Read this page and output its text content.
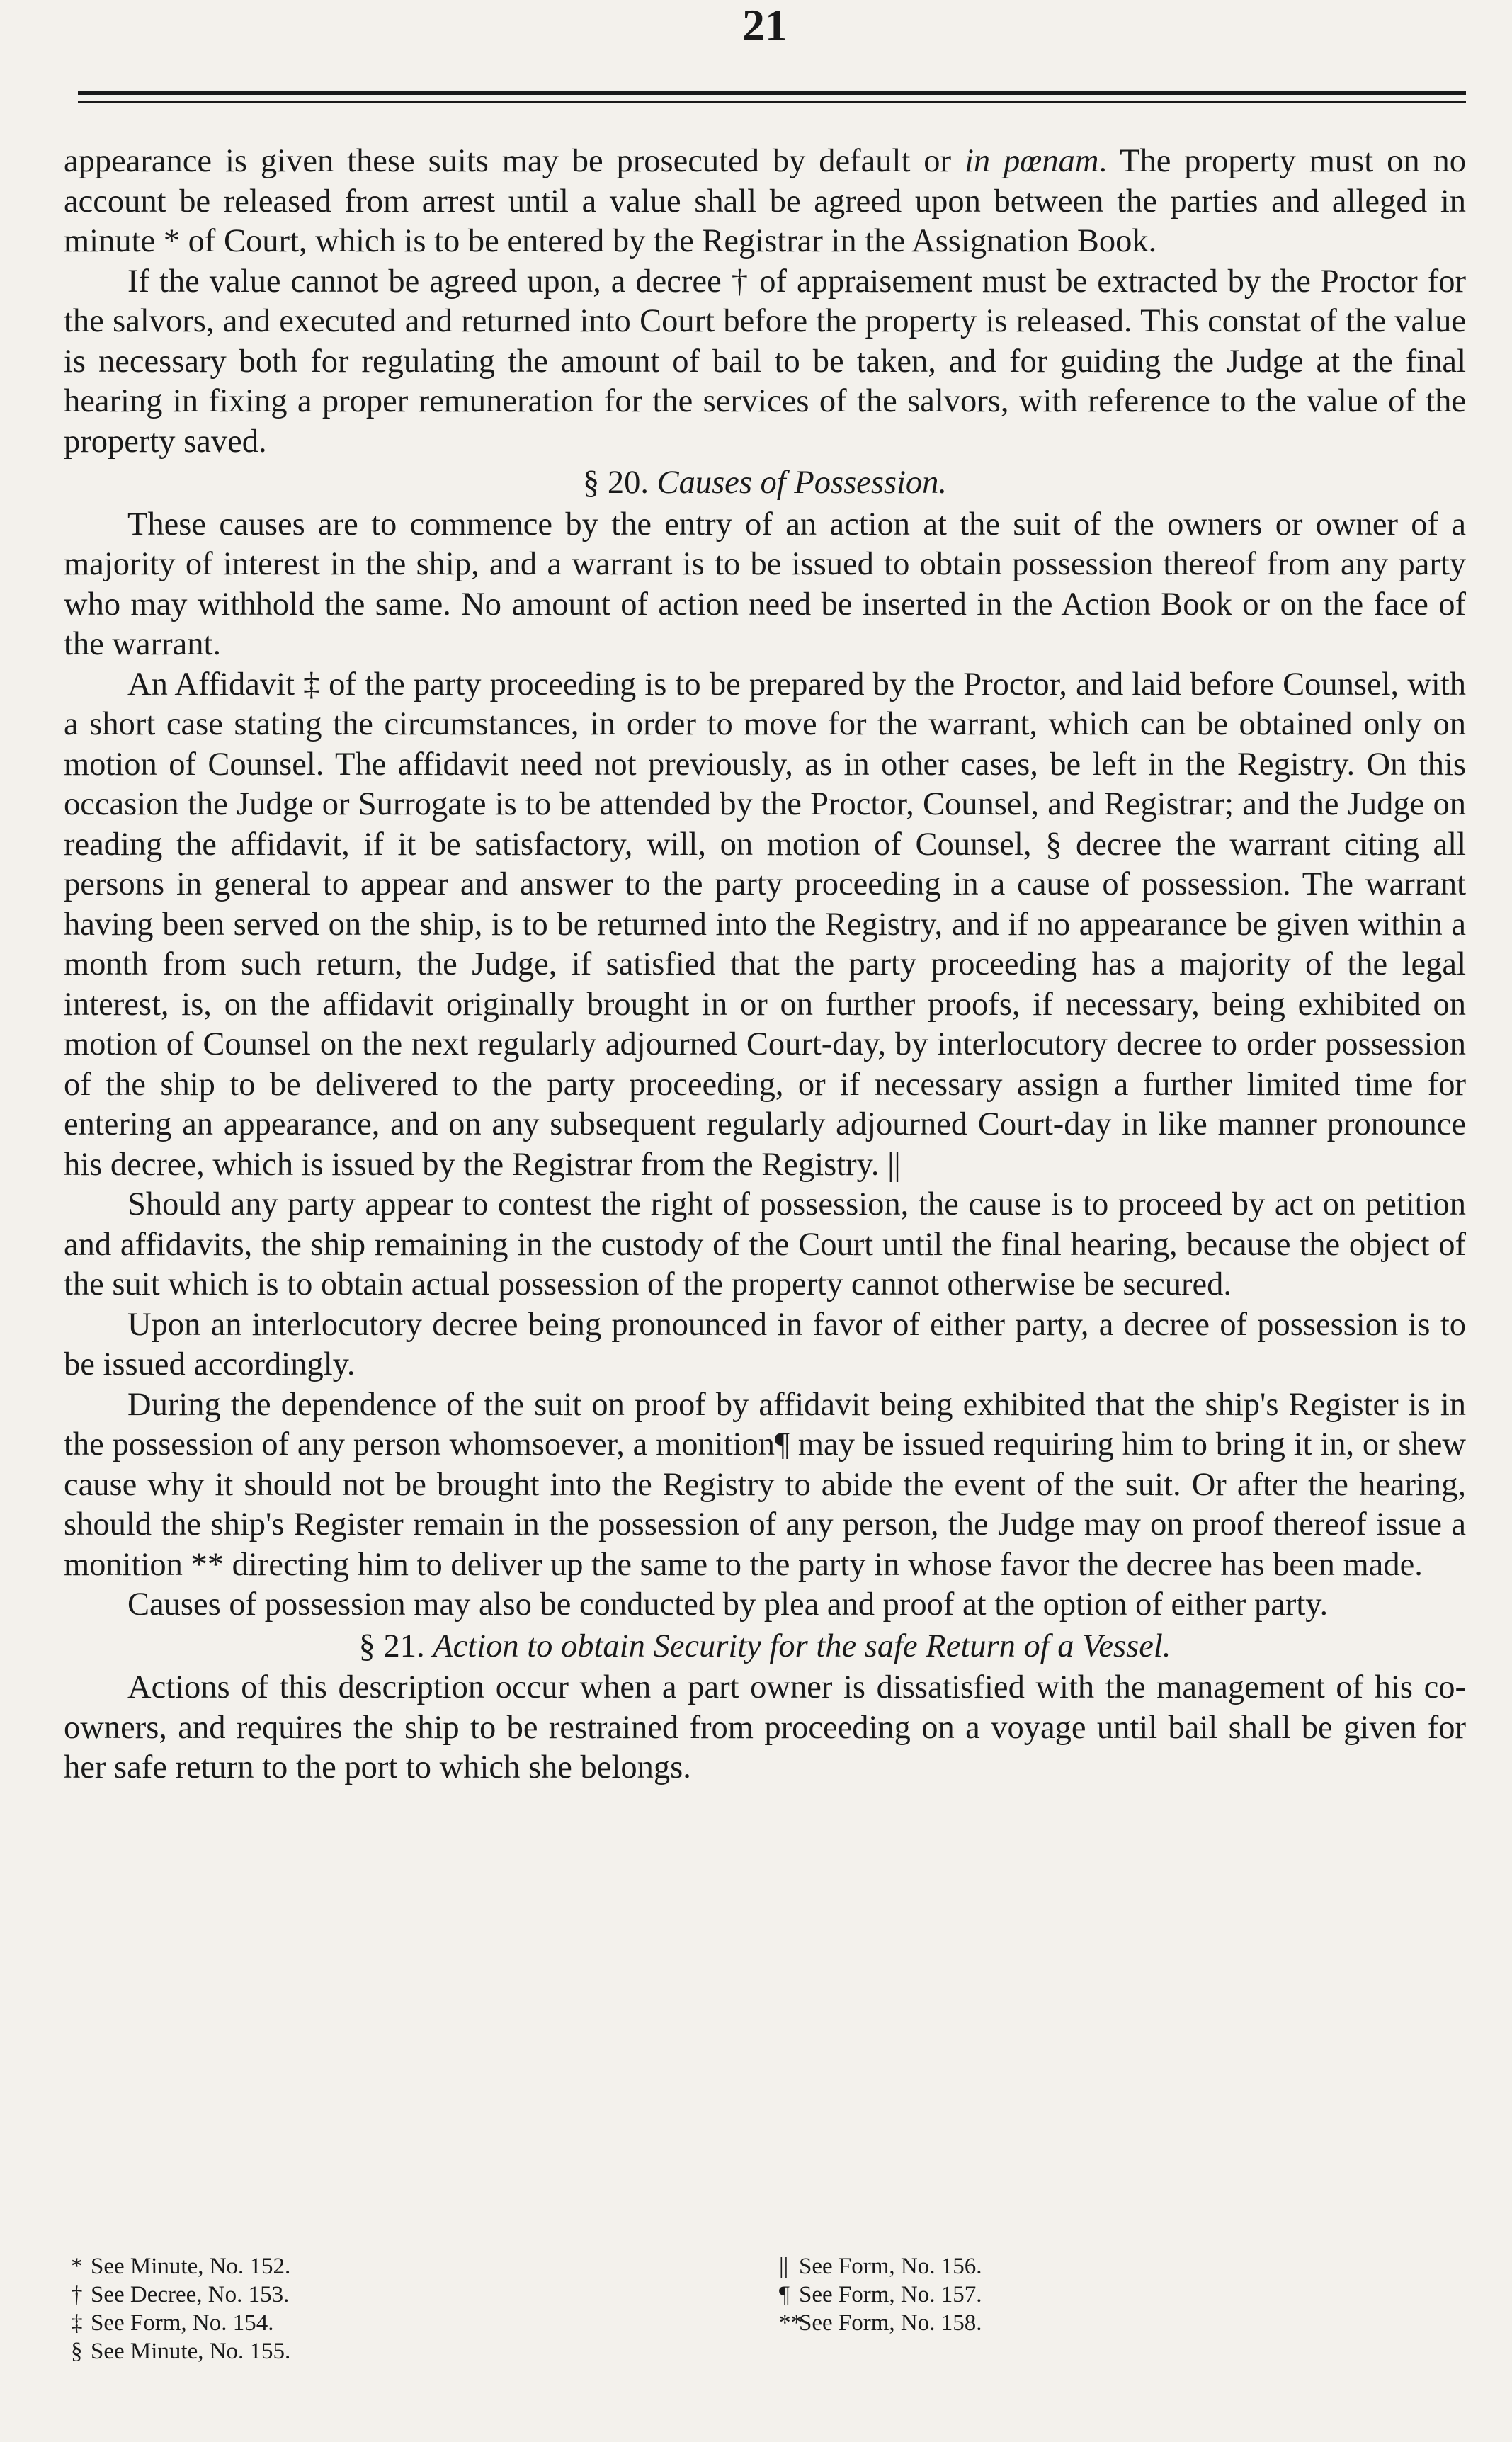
21

appearance is given these suits may be prosecuted by default or in pœnam. The property must on no account be released from arrest until a value shall be agreed upon between the parties and alleged in minute * of Court, which is to be entered by the Registrar in the Assignation Book.

If the value cannot be agreed upon, a decree † of appraisement must be extracted by the Proctor for the salvors, and executed and returned into Court before the property is released. This constat of the value is necessary both for regulating the amount of bail to be taken, and for guiding the Judge at the final hearing in fixing a proper remuneration for the services of the salvors, with reference to the value of the property saved.

§ 20. Causes of Possession.

These causes are to commence by the entry of an action at the suit of the owners or owner of a majority of interest in the ship, and a warrant is to be issued to obtain possession thereof from any party who may withhold the same. No amount of action need be inserted in the Action Book or on the face of the warrant.

An Affidavit ‡ of the party proceeding is to be prepared by the Proctor, and laid before Counsel, with a short case stating the circumstances, in order to move for the warrant, which can be obtained only on motion of Counsel. The affidavit need not previously, as in other cases, be left in the Registry. On this occasion the Judge or Surrogate is to be attended by the Proctor, Counsel, and Registrar; and the Judge on reading the affidavit, if it be satisfactory, will, on motion of Counsel, § decree the warrant citing all persons in general to appear and answer to the party proceeding in a cause of possession. The warrant having been served on the ship, is to be returned into the Registry, and if no appearance be given within a month from such return, the Judge, if satisfied that the party proceeding has a majority of the legal interest, is, on the affidavit originally brought in or on further proofs, if necessary, being exhibited on motion of Counsel on the next regularly adjourned Court-day, by interlocutory decree to order possession of the ship to be delivered to the party proceeding, or if necessary assign a further limited time for entering an appearance, and on any subsequent regularly adjourned Court-day in like manner pronounce his decree, which is issued by the Registrar from the Registry. ||

Should any party appear to contest the right of possession, the cause is to proceed by act on petition and affidavits, the ship remaining in the custody of the Court until the final hearing, because the object of the suit which is to obtain actual possession of the property cannot otherwise be secured.

Upon an interlocutory decree being pronounced in favor of either party, a decree of possession is to be issued accordingly.

During the dependence of the suit on proof by affidavit being exhibited that the ship's Register is in the possession of any person whomsoever, a monition¶ may be issued requiring him to bring it in, or shew cause why it should not be brought into the Registry to abide the event of the suit. Or after the hearing, should the ship's Register remain in the possession of any person, the Judge may on proof thereof issue a monition ** directing him to deliver up the same to the party in whose favor the decree has been made.

Causes of possession may also be conducted by plea and proof at the option of either party.

§ 21. Action to obtain Security for the safe Return of a Vessel.

Actions of this description occur when a part owner is dissatisfied with the management of his co-owners, and requires the ship to be restrained from proceeding on a voyage until bail shall be given for her safe return to the port to which she belongs.

* See Minute, No. 152.
† See Decree, No. 153.
‡ See Form, No. 154.
§ See Minute, No. 155.
|| See Form, No. 156.
¶ See Form, No. 157.
**See Form, No. 158.
